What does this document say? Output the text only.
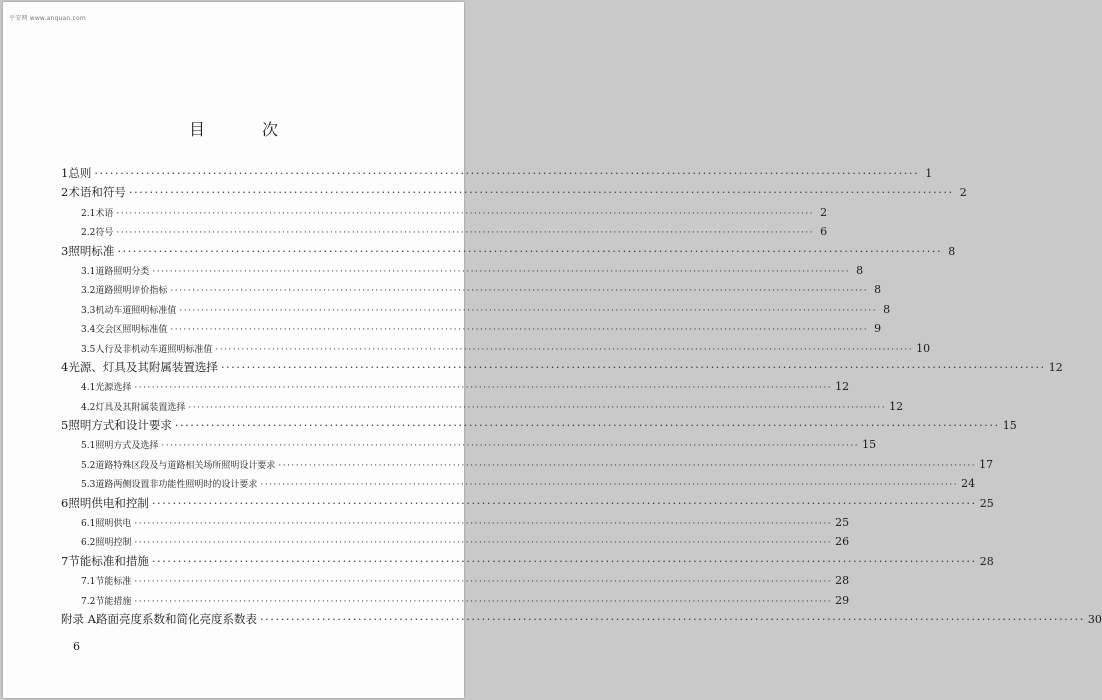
平安网 www.anquan.com
目 次
1 总则 ································································································································································ 1
2 术语和符号 ································································································································································ 2
2.1 术语 ································································································································································ 2
2.2 符号 ································································································································································ 6
3 照明标准 ································································································································································ 8
3.1 道路照明分类 ································································································································································ 8
3.2 道路照明评价指标 ································································································································································ 8
3.3 机动车道照明标准值 ································································································································································ 8
3.4 交会区照明标准值 ································································································································································ 9
3.5 人行及非机动车道照明标准值 ································································································································································ 10
4 光源、灯具及其附属装置选择 ································································································································································ 12
4.1 光源选择 ································································································································································ 12
4.2 灯具及其附属装置选择 ································································································································································ 12
5 照明方式和设计要求 ································································································································································ 15
5.1 照明方式及选择 ································································································································································ 15
5.2 道路特殊区段及与道路相关场所照明设计要求 ································································································································································ 17
5.3 道路两侧设置非功能性照明时的设计要求 ································································································································································ 24
6 照明供电和控制 ································································································································································ 25
6.1 照明供电 ································································································································································ 25
6.2 照明控制 ································································································································································ 26
7 节能标准和措施 ································································································································································ 28
7.1 节能标准 ································································································································································ 28
7.2 节能措施 ································································································································································ 29
附录 A 路面亮度系数和简化亮度系数表 ································································································································································ 30
6
